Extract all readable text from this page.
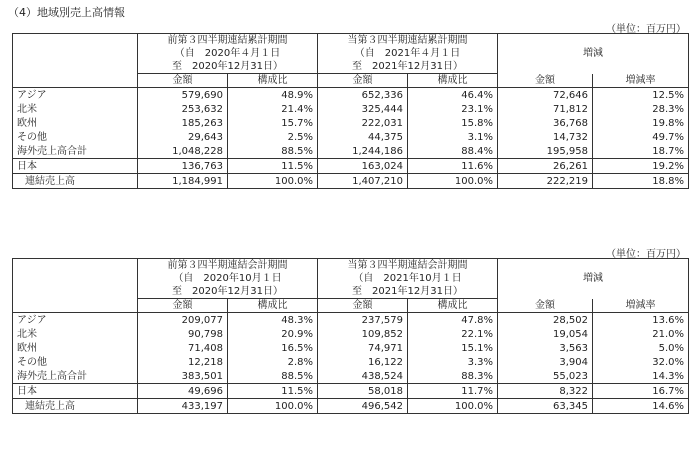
（4）地域別売上高情報
（単位：百万円）
	前第３四半期連結累計期間		当第３四半期連結累計期間		増減	
	（自　2020年４月１日		（自　2021年４月１日			
	至　2020年12月31日）		至　2021年12月31日）			
	金額	構成比	金額	構成比	金額	増減率
アジア	579,690	48.9%	652,336	46.4%	72,646	12.5%
北米	253,632	21.4%	325,444	23.1%	71,812	28.3%
欧州	185,263	15.7%	222,031	15.8%	36,768	19.8%
その他	29,643	2.5%	44,375	3.1%	14,732	49.7%
海外売上高合計	1,048,228	88.5%	1,244,186	88.4%	195,958	18.7%
日本	136,763	11.5%	163,024	11.6%	26,261	19.2%
連結売上高	1,184,991	100.0%	1,407,210	100.0%	222,219	18.8%
（単位：百万円）
	前第３四半期連結会計期間		当第３四半期連結会計期間		増減	
	（自　2020年10月１日		（自　2021年10月１日			
	至　2020年12月31日）		至　2021年12月31日）			
	金額	構成比	金額	構成比	金額	増減率
アジア	209,077	48.3%	237,579	47.8%	28,502	13.6%
北米	90,798	20.9%	109,852	22.1%	19,054	21.0%
欧州	71,408	16.5%	74,971	15.1%	3,563	5.0%
その他	12,218	2.8%	16,122	3.3%	3,904	32.0%
海外売上高合計	383,501	88.5%	438,524	88.3%	55,023	14.3%
日本	49,696	11.5%	58,018	11.7%	8,322	16.7%
連結売上高	433,197	100.0%	496,542	100.0%	63,345	14.6%
